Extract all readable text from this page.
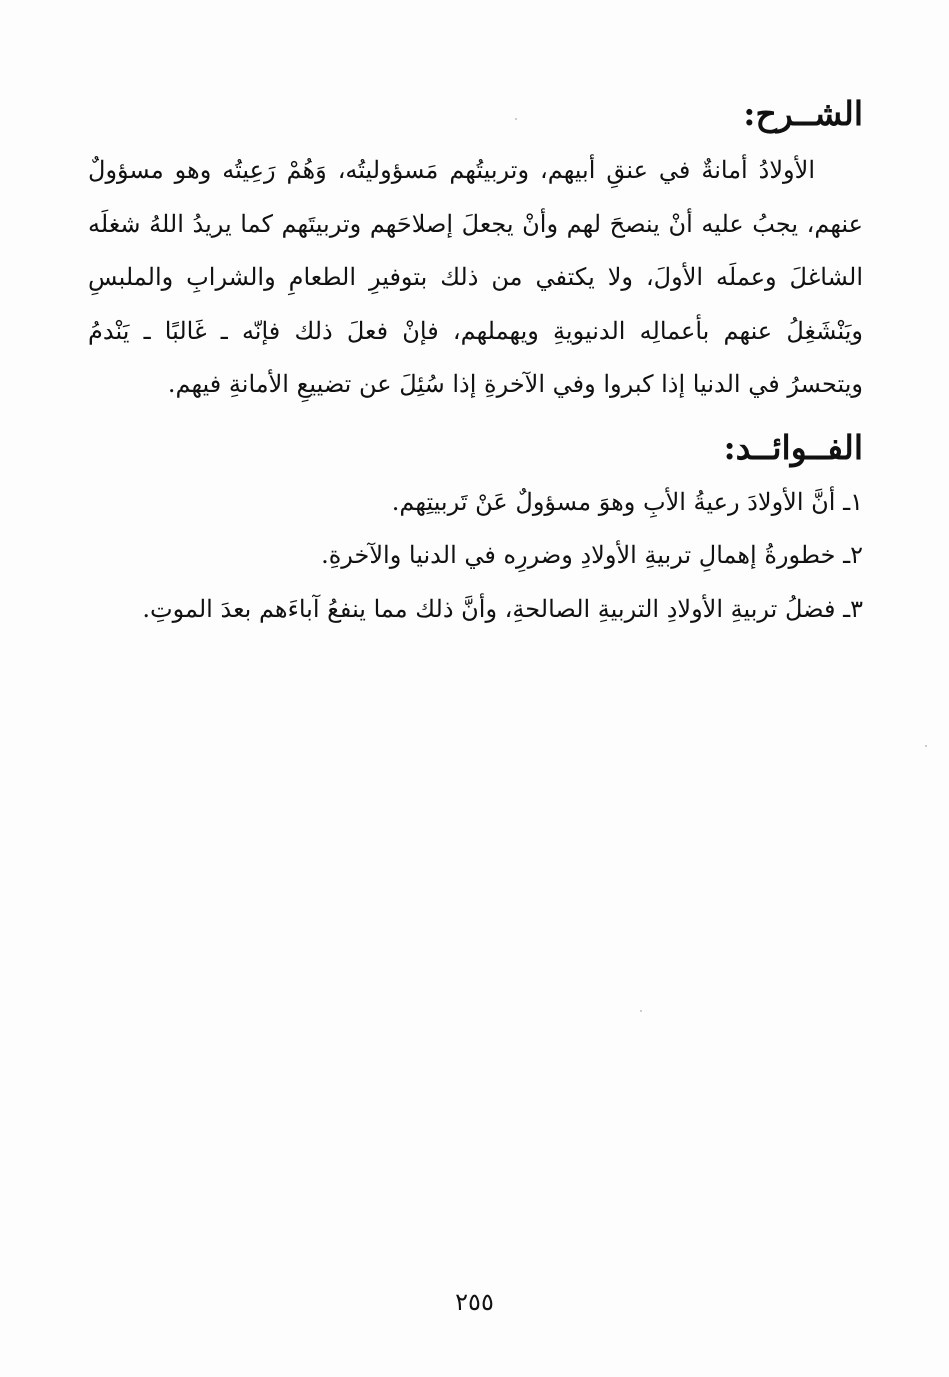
الشــرح:

الأولادُ أمانةٌ في عنقِ أبيهم، وتربيتُهم مَسؤوليتُه، وَهُمْ رَعِيتُه وهو مسؤولٌ عنهم، يجبُ عليه أنْ ينصحَ لهم وأنْ يجعلَ إصلاحَهم وتربيتَهم كما يريدُ اللهُ شغلَه الشاغلَ وعملَه الأولَ، ولا يكتفي من ذلك بتوفيرِ الطعامِ والشرابِ والملبسِ ويَنْشَغِلُ عنهم بأعمالِه الدنيويةِ ويهملهم، فإنْ فعلَ ذلك فإنّه ـ غَالبًا ـ يَنْدمُ ويتحسرُ في الدنيا إذا كبروا وفي الآخرةِ إذا سُئِلَ عن تضييعِ الأمانةِ فيهم.

الفــوائــد:
١ـ أنَّ الأولادَ رعيةُ الأبِ وهوَ مسؤولٌ عَنْ تَربيتِهم.
٢ـ خطورةُ إهمالِ تربيةِ الأولادِ وضررِه في الدنيا والآخرةِ.
٣ـ فضلُ تربيةِ الأولادِ التربيةِ الصالحةِ، وأنَّ ذلك مما ينفعُ آباءَهم بعدَ الموتِ.
٢٥٥
